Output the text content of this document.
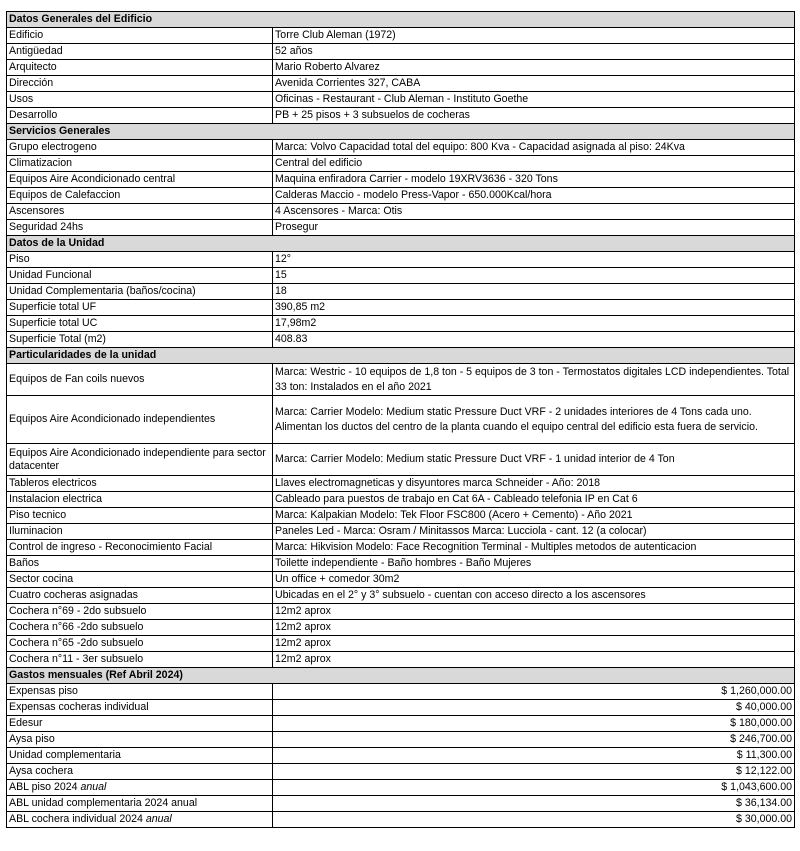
Datos Generales del Edificio	
Edificio	Torre Club Aleman (1972)
Antigüedad	52 años
Arquitecto	Mario Roberto Alvarez
Dirección	Avenida Corrientes 327, CABA
Usos	Oficinas - Restaurant - Club Aleman - Instituto Goethe
Desarrollo	PB + 25 pisos + 3 subsuelos de cocheras
Servicios Generales	
Grupo electrogeno	Marca: Volvo Capacidad total del equipo: 800 Kva - Capacidad asignada al piso: 24Kva
Climatizacion	Central del edificio
Equipos Aire Acondicionado central	Maquina enfiradora Carrier - modelo 19XRV3636 - 320 Tons
Equipos de Calefaccion	Calderas Maccio - modelo Press-Vapor - 650.000Kcal/hora
Ascensores	4 Ascensores - Marca: Otis
Seguridad 24hs	Prosegur
Datos de la Unidad	
Piso	12°
Unidad Funcional	15
Unidad Complementaria (baños/cocina)	18
Superficie total UF	390,85 m2
Superficie total UC	17,98m2
Superficie Total (m2)	408.83
Particularidades de la unidad	
Equipos de Fan coils nuevos	Marca: Westric - 10 equipos de 1,8 ton - 5 equipos de 3 ton - Termostatos digitales LCD independientes. Total 33 ton: Instalados en el año 2021
Equipos Aire Acondicionado independientes	Marca: Carrier Modelo: Medium static Pressure Duct VRF - 2 unidades interiores de 4 Tons cada uno. Alimentan los ductos del centro de la planta cuando el equipo central del edificio esta fuera de servicio.
Equipos Aire Acondicionado independiente para sector datacenter	Marca: Carrier Modelo: Medium static Pressure Duct VRF - 1 unidad interior de 4 Ton
Tableros electricos	Llaves electromagneticas y disyuntores marca Schneider - Año: 2018
Instalacion electrica	Cableado para puestos de trabajo en Cat 6A - Cableado telefonia IP en Cat 6
Piso tecnico	Marca: Kalpakian Modelo: Tek Floor FSC800 (Acero + Cemento) - Año 2021
Iluminacion	Paneles Led - Marca: Osram / Minitassos Marca: Lucciola - cant. 12 (a colocar)
Control de ingreso - Reconocimiento Facial	Marca: Hikvision Modelo: Face Recognition Terminal - Multiples metodos de autenticacion
Baños	Toilette independiente - Baño hombres - Baño Mujeres
Sector cocina	Un office + comedor 30m2
Cuatro cocheras asignadas	Ubicadas en el 2° y 3° subsuelo - cuentan con acceso directo a los ascensores
Cochera n°69 - 2do subsuelo	12m2 aprox
Cochera n°66 -2do subsuelo	12m2 aprox
Cochera n°65 -2do subsuelo	12m2 aprox
Cochera n°11 - 3er subsuelo	12m2 aprox
Gastos mensuales (Ref Abril 2024)	
Expensas piso	$ 1,260,000.00
Expensas cocheras individual	$ 40,000.00
Edesur	$ 180,000.00
Aysa piso	$ 246,700.00
Unidad complementaria	$ 11,300.00
Aysa cochera	$ 12,122.00
ABL piso 2024 anual	$ 1,043,600.00
ABL unidad complementaria 2024 anual	$ 36,134.00
ABL cochera individual 2024 anual	$ 30,000.00
